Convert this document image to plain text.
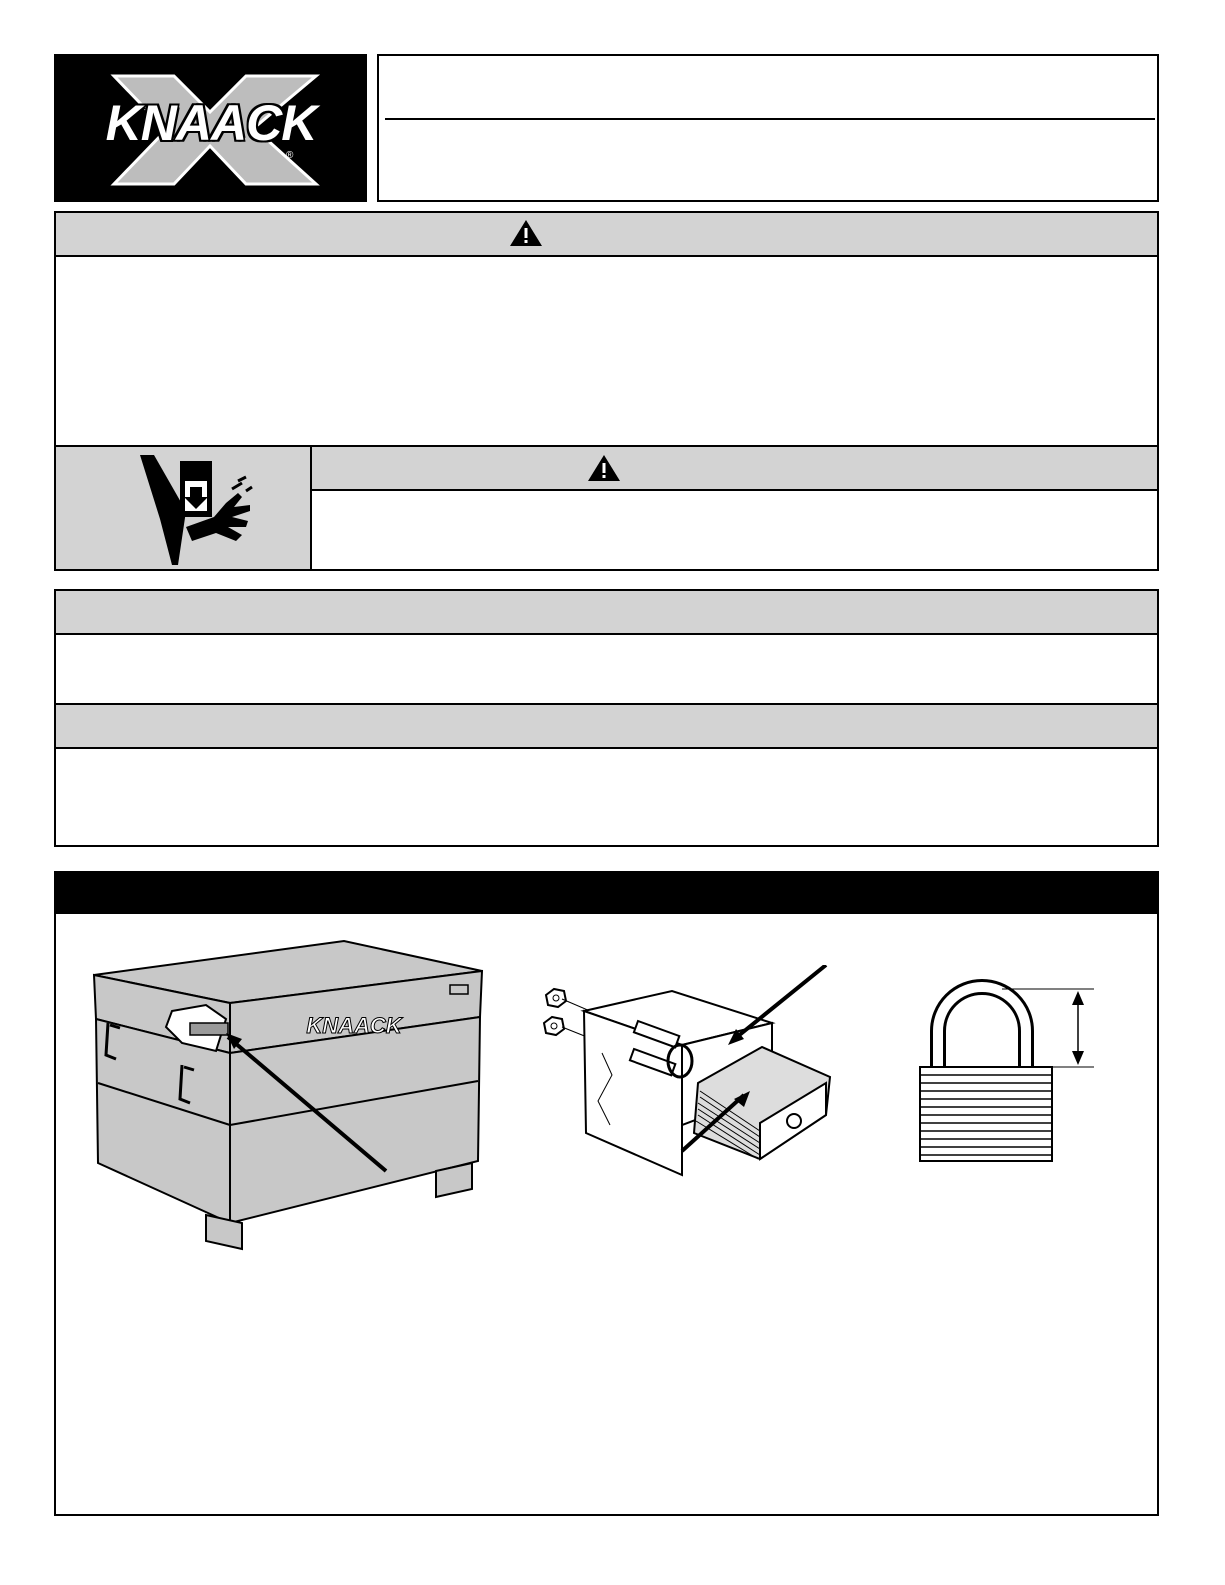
KNAACK
®
KNAACK
